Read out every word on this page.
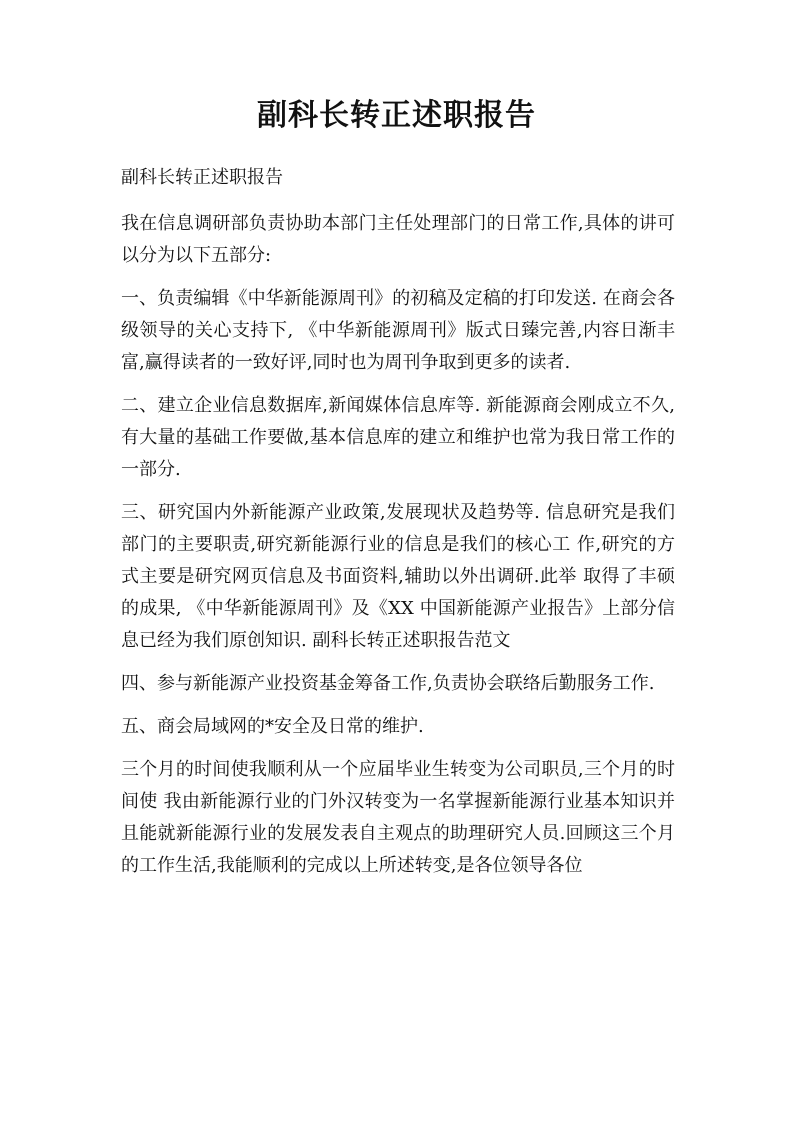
副科长转正述职报告

副科长转正述职报告

我在信息调研部负责协助本部门主任处理部门的日常工作,具体的讲可以分为以下五部分:

一、负责编辑《中华新能源周刊》的初稿及定稿的打印发送. 在商会各级领导的关心支持下, 《中华新能源周刊》版式日臻完善,内容日渐丰富,赢得读者的一致好评,同时也为周刊争取到更多的读者.

二、建立企业信息数据库,新闻媒体信息库等. 新能源商会刚成立不久,有大量的基础工作要做,基本信息库的建立和维护也常为我日常工作的一部分.

三、研究国内外新能源产业政策,发展现状及趋势等. 信息研究是我们部门的主要职责,研究新能源行业的信息是我们的核心工 作,研究的方式主要是研究网页信息及书面资料,辅助以外出调研.此举 取得了丰硕的成果, 《中华新能源周刊》及《XX 中国新能源产业报告》上部分信息已经为我们原创知识. 副科长转正述职报告范文

四、参与新能源产业投资基金筹备工作,负责协会联络后勤服务工作.

五、商会局域网的*安全及日常的维护.

三个月的时间使我顺利从一个应届毕业生转变为公司职员,三个月的时间使 我由新能源行业的门外汉转变为一名掌握新能源行业基本知识并且能就新能源行业的发展发表自主观点的助理研究人员.回顾这三个月的工作生活,我能顺利的完成以上所述转变,是各位领导各位
